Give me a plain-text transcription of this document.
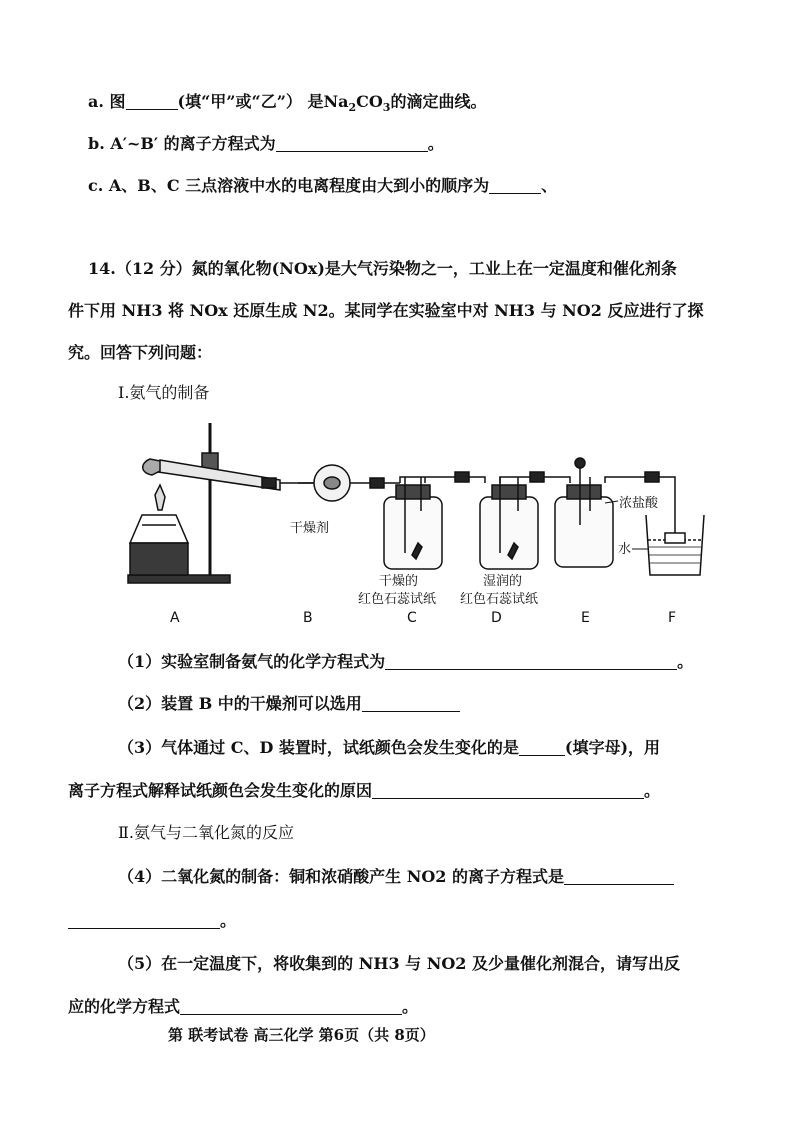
a. 图	(填“甲”或“乙”） 是$Na_2CO_3$的滴定曲线。
b. A′~B′ 的离子方程式为	。
c. A、B、C 三点溶液中水的电离程度由大到小的顺序为	、
14.（12 分）氮的氧化物(NOx)是大气污染物之一，工业上在一定温度和催化剂条
件下用 NH3 将 NOx 还原生成 N2。某同学在实验室中对 NH3 与 NO2 反应进行了探
究。回答下列问题：
Ⅰ.氨气的制备
干燥剂
干燥的
红色石蕊试纸
湿润的
红色石蕊试纸
浓盐酸
水
A	B	C	D	E	F
（1）实验室制备氨气的化学方程式为	。
（2）装置 B 中的干燥剂可以选用
（3）气体通过 C、D 装置时，试纸颜色会发生变化的是	(填字母)，用
离子方程式解释试纸颜色会发生变化的原因	。
Ⅱ.氨气与二氧化氮的反应
（4）二氧化氮的制备：铜和浓硝酸产生 NO2 的离子方程式是
。
（5）在一定温度下，将收集到的 NH3 与 NO2 及少量催化剂混合，请写出反
应的化学方程式	。
第 联考试卷 高三化学 第6页（共 8页）
